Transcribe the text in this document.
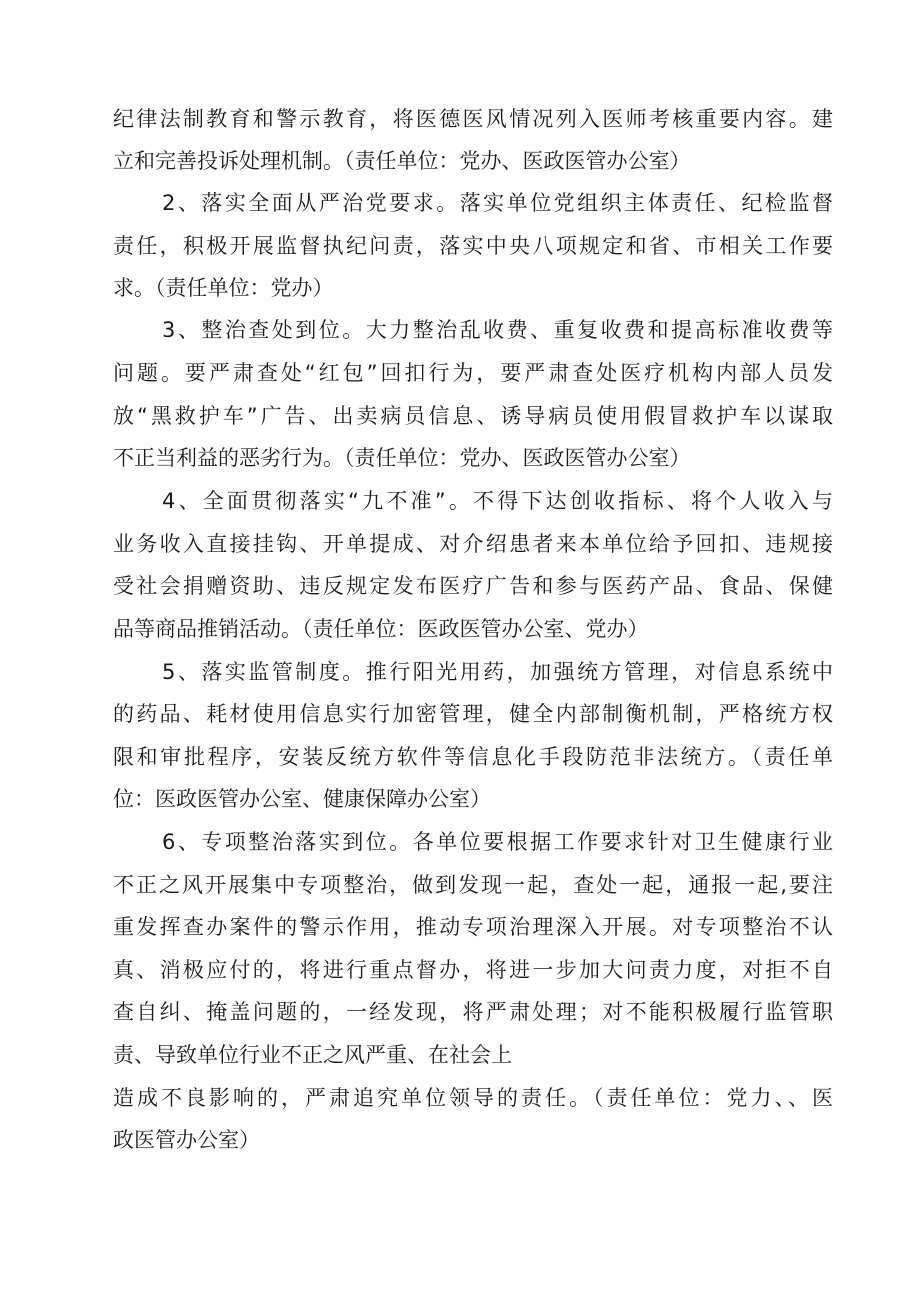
纪律法制教育和警示教育，将医德医风情况列入医师考核重要内容。建
立和完善投诉处理机制。（责任单位：党办、医政医管办公室）
2、落实全面从严治党要求。落实单位党组织主体责任、纪检监督
责任，积极开展监督执纪问责，落实中央八项规定和省、市相关工作要
求。（责任单位：党办）
3、整治查处到位。大力整治乱收费、重复收费和提高标准收费等
问题。要严肃查处“红包”回扣行为，要严肃查处医疗机构内部人员发
放“黑救护车”广告、出卖病员信息、诱导病员使用假冒救护车以谋取
不正当利益的恶劣行为。（责任单位：党办、医政医管办公室）
4、全面贯彻落实“九不准”。不得下达创收指标、将个人收入与
业务收入直接挂钩、开单提成、对介绍患者来本单位给予回扣、违规接
受社会捐赠资助、违反规定发布医疗广告和参与医药产品、食品、保健
品等商品推销活动。（责任单位：医政医管办公室、党办）
5、落实监管制度。推行阳光用药，加强统方管理，对信息系统中
的药品、耗材使用信息实行加密管理，健全内部制衡机制，严格统方权
限和审批程序，安装反统方软件等信息化手段防范非法统方。（责任单
位：医政医管办公室、健康保障办公室）
6、专项整治落实到位。各单位要根据工作要求针对卫生健康行业
不正之风开展集中专项整治，做到发现一起，查处一起，通报一起,要注
重发挥查办案件的警示作用，推动专项治理深入开展。对专项整治不认
真、消极应付的，将进行重点督办，将进一步加大问责力度，对拒不自
查自纠、掩盖问题的，一经发现，将严肃处理；对不能积极履行监管职
责、导致单位行业不正之风严重、在社会上
造成不良影响的，严肃追究单位领导的责任。（责任单位：党力、、医
政医管办公室）
